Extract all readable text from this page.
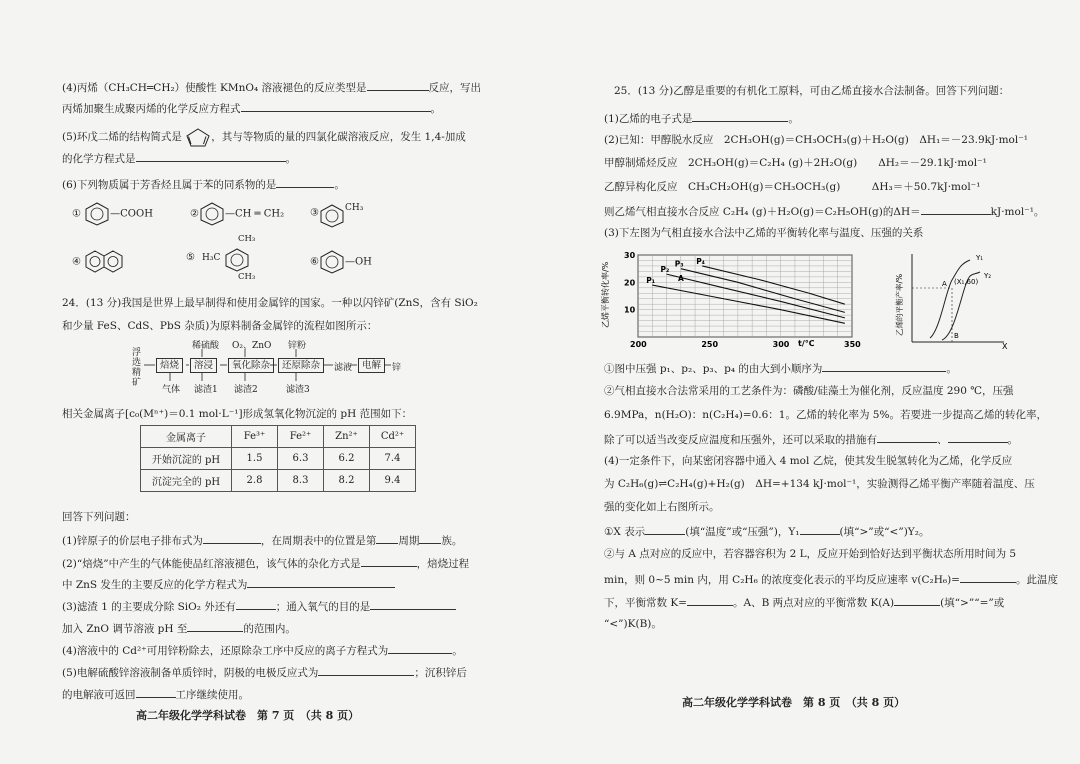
(4)丙烯（CH₃CH═CH₂）使酸性 KMnO₄ 溶液褪色的反应类型是	反应，写出
丙烯加聚生成聚丙烯的化学反应方程式	。
(5)环戊二烯的结构简式是	，其与等物质的量的四氯化碳溶液反应，发生 1,4-加成
的化学方程式是	。
(6)下列物质属于芳香烃且属于苯的同系物的是	。
①	—COOH	②	—CH ═ CH₂	③	CH₃
④	⑤ H₃C
CH₃
CH₃
⑥	—OH
24．(13 分)我国是世界上最早制得和使用金属锌的国家。一种以闪锌矿(ZnS，含有 SiO₂
和少量 FeS、CdS、PbS 杂质)为原料制备金属锌的流程如图所示：
浮选精矿
稀硫酸 O₂、ZnO 锌粉
焙烧	溶浸	氧化除杂	还原除杂	滤液	电解	锌
气体 滤渣1 滤渣2	滤渣3
相关金属离子[c₀(Mⁿ⁺)＝0.1 mol·L⁻¹]形成氢氧化物沉淀的 pH 范围如下：
金属离子	Fe³⁺	Fe²⁺	Zn²⁺	Cd²⁺
开始沉淀的 pH	1.5	6.3	6.2	7.4
沉淀完全的 pH	2.8	8.3	8.2	9.4
回答下列问题：
(1)锌原子的价层电子排布式为	，在周期表中的位置是第 周期 族。
(2)“焙烧”中产生的气体能使品红溶液褪色，该气体的杂化方式是	，焙烧过程
中 ZnS 发生的主要反应的化学方程式为
(3)滤渣 1 的主要成分除 SiO₂ 外还有	；通入氧气的目的是
加入 ZnO 调节溶液 pH 至	的范围内。
(4)溶液中的 Cd²⁺可用锌粉除去，还原除杂工序中反应的离子方程式为	。
(5)电解硫酸锌溶液制备单质锌时，阴极的电极反应式为	；沉积锌后
的电解液可返回	工序继续使用。
高二年级化学学科试卷　第 7 页　（共 8 页）
25．(13 分)乙醇是重要的有机化工原料，可由乙烯直接水合法制备。回答下列问题：
(1)乙烯的电子式是	。
(2)已知：甲醇脱水反应　2CH₃OH(g)＝CH₃OCH₃(g)＋H₂O(g)　ΔH₁＝－23.9kJ·mol⁻¹
甲醇制烯烃反应　2CH₃OH(g)＝C₂H₄ (g)＋2H₂O(g)　　ΔH₂＝－29.1kJ·mol⁻¹
乙醇异构化反应　CH₃CH₂OH(g)＝CH₃OCH₃(g)　　　ΔH₃＝＋50.7kJ·mol⁻¹
则乙烯气相直接水合反应 C₂H₄ (g)＋H₂O(g)＝C₂H₅OH(g)的ΔH＝	kJ·mol⁻¹。
(3)下左图为气相直接水合法中乙烯的平衡转化率与温度、压强的关系
乙烯平衡转化率/%
200	250	300	350
10
20
30
P₁
P₂
P₃ P₄
A
t/℃
乙烯的平衡产率/%
Y₁
Y₂
A (X₁,60)
B
X
①图中压强 p₁、p₂、p₃、p₄ 的由大到小顺序为	。
②气相直接水合法常采用的工艺条件为：磷酸/硅藻土为催化剂，反应温度 290 ℃，压强
6.9MPa，n(H₂O)：n(C₂H₄)=0.6：1。乙烯的转化率为 5%。若要进一步提高乙烯的转化率，
除了可以适当改变反应温度和压强外，还可以采取的措施有	、	。
(4)一定条件下，向某密闭容器中通入 4 mol 乙烷，使其发生脱氢转化为乙烯，化学反应
为 C₂H₆(g)⇌C₂H₄(g)+H₂(g)　ΔH=+134 kJ·mol⁻¹，实验测得乙烯平衡产率随着温度、压
强的变化如上右图所示。
①X 表示	(填“温度”或“压强”)，Y₁	(填“>”或“<”)Y₂。
②与 A 点对应的反应中，若容器容积为 2 L，反应开始到恰好达到平衡状态所用时间为 5
min，则 0~5 min 内，用 C₂H₆ 的浓度变化表示的平均反应速率 v(C₂H₆)=	。此温度
下，平衡常数 K=	。A、B 两点对应的平衡常数 K(A)	(填“>”“=”或
“<”)K(B)。
高二年级化学学科试卷　第 8 页　（共 8 页）
